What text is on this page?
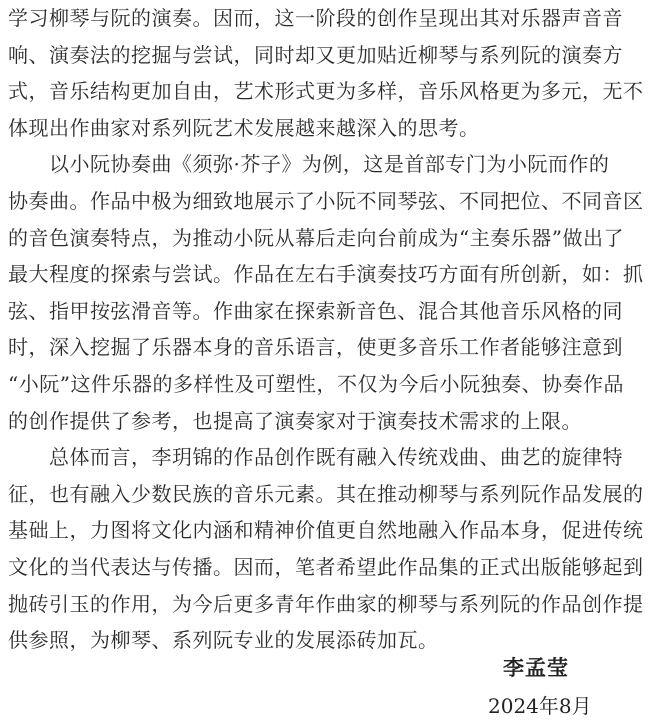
学习柳琴与阮的演奏。因而，这一阶段的创作呈现出其对乐器声音音
响、演奏法的挖掘与尝试，同时却又更加贴近柳琴与系列阮的演奏方
式，音乐结构更加自由，艺术形式更为多样，音乐风格更为多元，无不
体现出作曲家对系列阮艺术发展越来越深入的思考。
　　以小阮协奏曲《须弥·芥子》为例，这是首部专门为小阮而作的
协奏曲。作品中极为细致地展示了小阮不同琴弦、不同把位、不同音区
的音色演奏特点，为推动小阮从幕后走向台前成为“主奏乐器”做出了
最大程度的探索与尝试。作品在左右手演奏技巧方面有所创新，如：抓
弦、指甲按弦滑音等。作曲家在探索新音色、混合其他音乐风格的同
时，深入挖掘了乐器本身的音乐语言，使更多音乐工作者能够注意到
“小阮”这件乐器的多样性及可塑性，不仅为今后小阮独奏、协奏作品
的创作提供了参考，也提高了演奏家对于演奏技术需求的上限。
　　总体而言，李玥锦的作品创作既有融入传统戏曲、曲艺的旋律特
征，也有融入少数民族的音乐元素。其在推动柳琴与系列阮作品发展的
基础上，力图将文化内涵和精神价值更自然地融入作品本身，促进传统
文化的当代表达与传播。因而，笔者希望此作品集的正式出版能够起到
抛砖引玉的作用，为今后更多青年作曲家的柳琴与系列阮的作品创作提
供参照，为柳琴、系列阮专业的发展添砖加瓦。
李孟莹
2024年8月
